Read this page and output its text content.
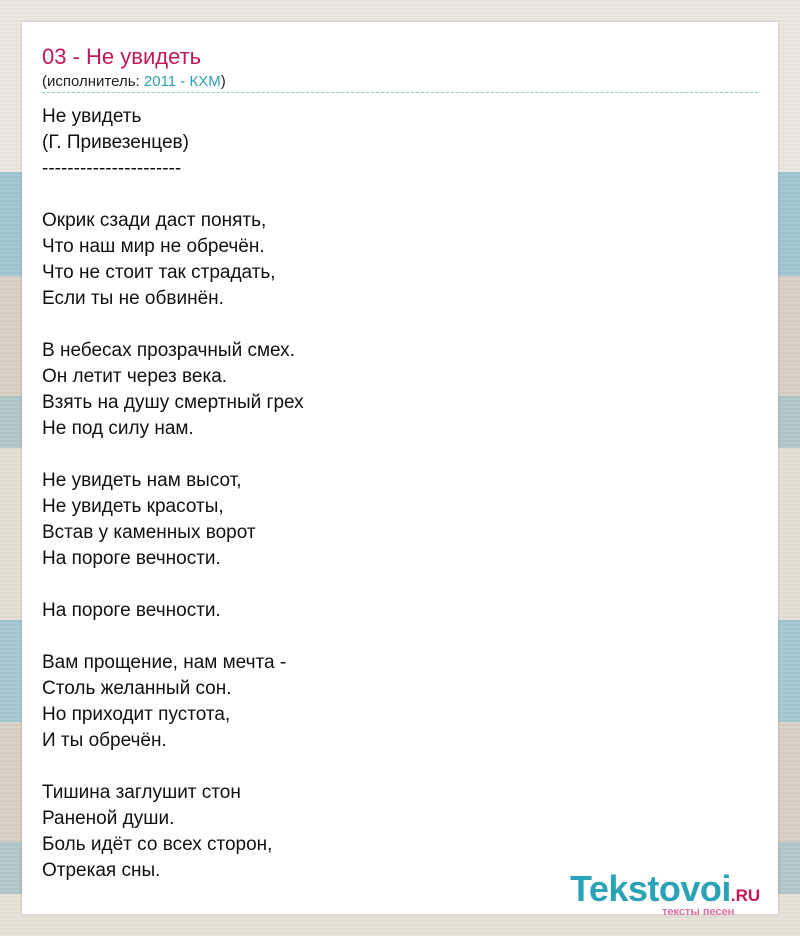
03 - Не увидеть
(исполнитель: 2011 - КХМ)
Не увидеть
(Г. Привезенцев)
----------------------
Окрик сзади даст понять,
Что наш мир не обречён.
Что не стоит так страдать,
Если ты не обвинён.
В небесах прозрачный смех.
Он летит через века.
Взять на душу смертный грех
Не под силу нам.
Не увидеть нам высот,
Не увидеть красоты,
Встав у каменных ворот
На пороге вечности.
На пороге вечности.
Вам прощение, нам мечта -
Столь желанный сон.
Но приходит пустота,
И ты обречён.
Тишина заглушит стон
Раненой души.
Боль идёт со всех сторон,
Отрекая сны.	Tekstovoi.RU
тексты песен
